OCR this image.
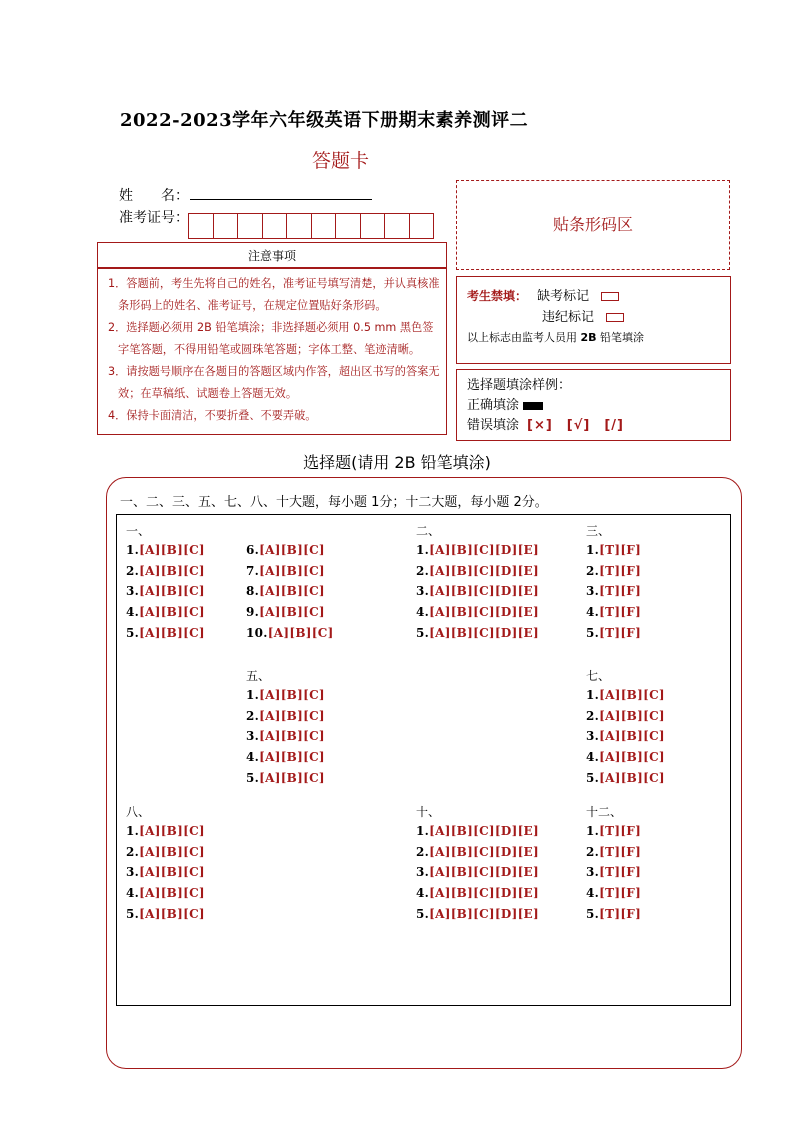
2022-2023学年六年级英语下册期末素养测评二
答题卡
姓　　名：
准考证号：	贴条形码区
注意事项
1．答题前，考生先将自己的姓名，准考证号填写清楚，并认真核准条形码上的姓名、准考证号，在规定位置贴好条形码。
2．选择题必须用 2B 铅笔填涂；非选择题必须用 0.5 mm 黑色签字笔答题，不得用铅笔或圆珠笔答题；字体工整、笔迹清晰。
3．请按题号顺序在各题目的答题区域内作答，超出区书写的答案无效；在草稿纸、试题卷上答题无效。
4．保持卡面清洁，不要折叠、不要弄破。
考生禁填： 缺考标记
违纪标记
以上标志由监考人员用 2B 铅笔填涂
选择题填涂样例：
正确填涂
错误填涂 [×]　[√]　[/]
选择题(请用 2B 铅笔填涂)
一、二、三、五、七、八、十大题，每小题 1分；十二大题，每小题 2分。
一、
1.[A][B][C]
2.[A][B][C]
3.[A][B][C]
4.[A][B][C]
5.[A][B][C]
6.[A][B][C]
7.[A][B][C]
8.[A][B][C]
9.[A][B][C]
10.[A][B][C]
二、
1.[A][B][C][D][E]
2.[A][B][C][D][E]
3.[A][B][C][D][E]
4.[A][B][C][D][E]
5.[A][B][C][D][E]
三、
1.[T][F]
2.[T][F]
3.[T][F]
4.[T][F]
5.[T][F]
五、
1.[A][B][C]
2.[A][B][C]
3.[A][B][C]
4.[A][B][C]
5.[A][B][C]
七、
1.[A][B][C]
2.[A][B][C]
3.[A][B][C]
4.[A][B][C]
5.[A][B][C]
八、
1.[A][B][C]
2.[A][B][C]
3.[A][B][C]
4.[A][B][C]
5.[A][B][C]
十、
1.[A][B][C][D][E]
2.[A][B][C][D][E]
3.[A][B][C][D][E]
4.[A][B][C][D][E]
5.[A][B][C][D][E]
十二、
1.[T][F]
2.[T][F]
3.[T][F]
4.[T][F]
5.[T][F]
